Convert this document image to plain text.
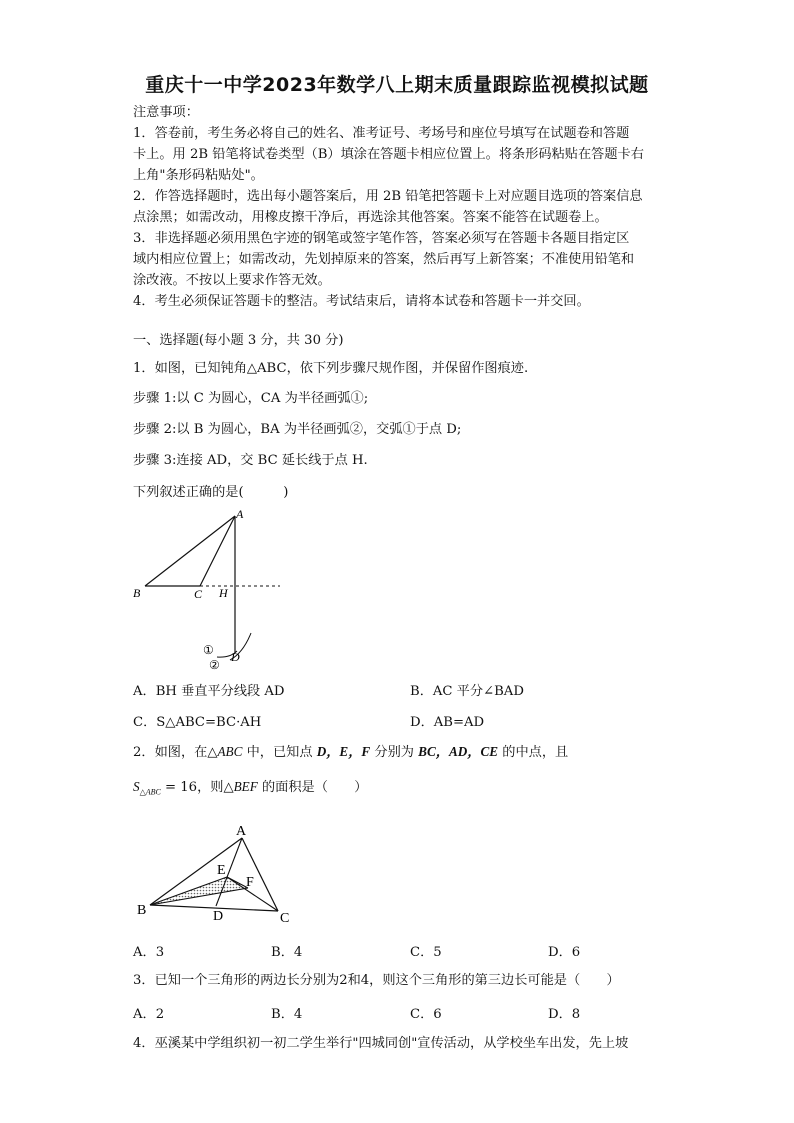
重庆十一中学2023年数学八上期末质量跟踪监视模拟试题
注意事项：
1．答卷前，考生务必将自己的姓名、准考证号、考场号和座位号填写在试题卷和答题
卡上。用 2B 铅笔将试卷类型（B）填涂在答题卡相应位置上。将条形码粘贴在答题卡右
上角"条形码粘贴处"。
2．作答选择题时，选出每小题答案后，用 2B 铅笔把答题卡上对应题目选项的答案信息
点涂黑；如需改动，用橡皮擦干净后，再选涂其他答案。答案不能答在试题卷上。
3．非选择题必须用黑色字迹的钢笔或签字笔作答，答案必须写在答题卡各题目指定区
域内相应位置上；如需改动，先划掉原来的答案，然后再写上新答案；不准使用铅笔和
涂改液。不按以上要求作答无效。
4．考生必须保证答题卡的整洁。考试结束后，请将本试卷和答题卡一并交回。
一、选择题(每小题 3 分，共 30 分)
1．如图，已知钝角△ABC，依下列步骤尺规作图，并保留作图痕迹.
步骤 1:以 C 为圆心，CA 为半径画弧①;
步骤 2:以 B 为圆心，BA 为半径画弧②，交弧①于点 D;
步骤 3:连接 AD，交 BC 延长线于点 H.
下列叙述正确的是(　　　)
A
B	C H
D
①
②
A．BH 垂直平分线段 AD	B．AC 平分∠BAD
C．S△ABC=BC·AH	D．AB=AD
2．如图，在△ABC 中，已知点 D，E，F 分别为 BC，AD，CE 的中点，且
$S_{\triangle ABC} = 16$，则△BEF 的面积是（　　）
A
B
C
D
E
F
A．3	B．4	C．5	D．6
3．已知一个三角形的两边长分别为2和4，则这个三角形的第三边长可能是（　　）
A．2	B．4	C．6	D．8
4．巫溪某中学组织初一初二学生举行"四城同创"宣传活动，从学校坐车出发，先上坡
